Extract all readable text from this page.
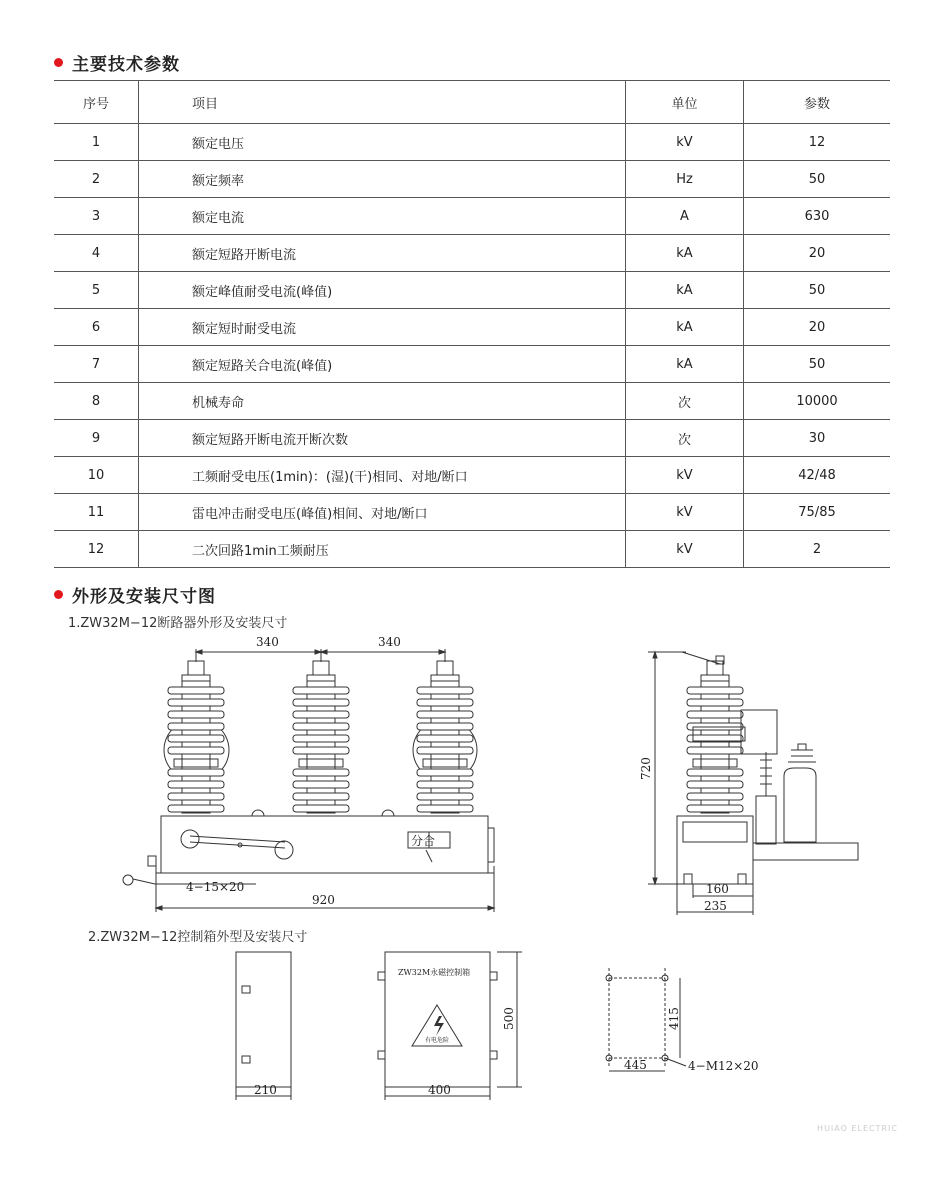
主要技术参数
序号	项目	单位	参数
1	额定电压	kV	12
2	额定频率	Hz	50
3	额定电流	A	630
4	额定短路开断电流	kA	20
5	额定峰值耐受电流(峰值)	kA	50
6	额定短时耐受电流	kA	20
7	额定短路关合电流(峰值)	kA	50
8	机械寿命	次	10000
9	额定短路开断电流开断次数	次	30
10	工频耐受电压(1min)：(湿)(干)相同、对地/断口	kV	42/48
11	雷电冲击耐受电压(峰值)相间、对地/断口	kV	75/85
12	二次回路1min工频耐压	kV	2
外形及安装尺寸图
1.ZW32M−12断路器外形及安装尺寸
2.ZW32M−12控制箱外型及安装尺寸
340	340
分合
4−15×20
920
720
160
235
210
ZW32M永磁控制箱
有电危险
500
400
415
445	4−M12×20
HUIAO ELECTRIC
